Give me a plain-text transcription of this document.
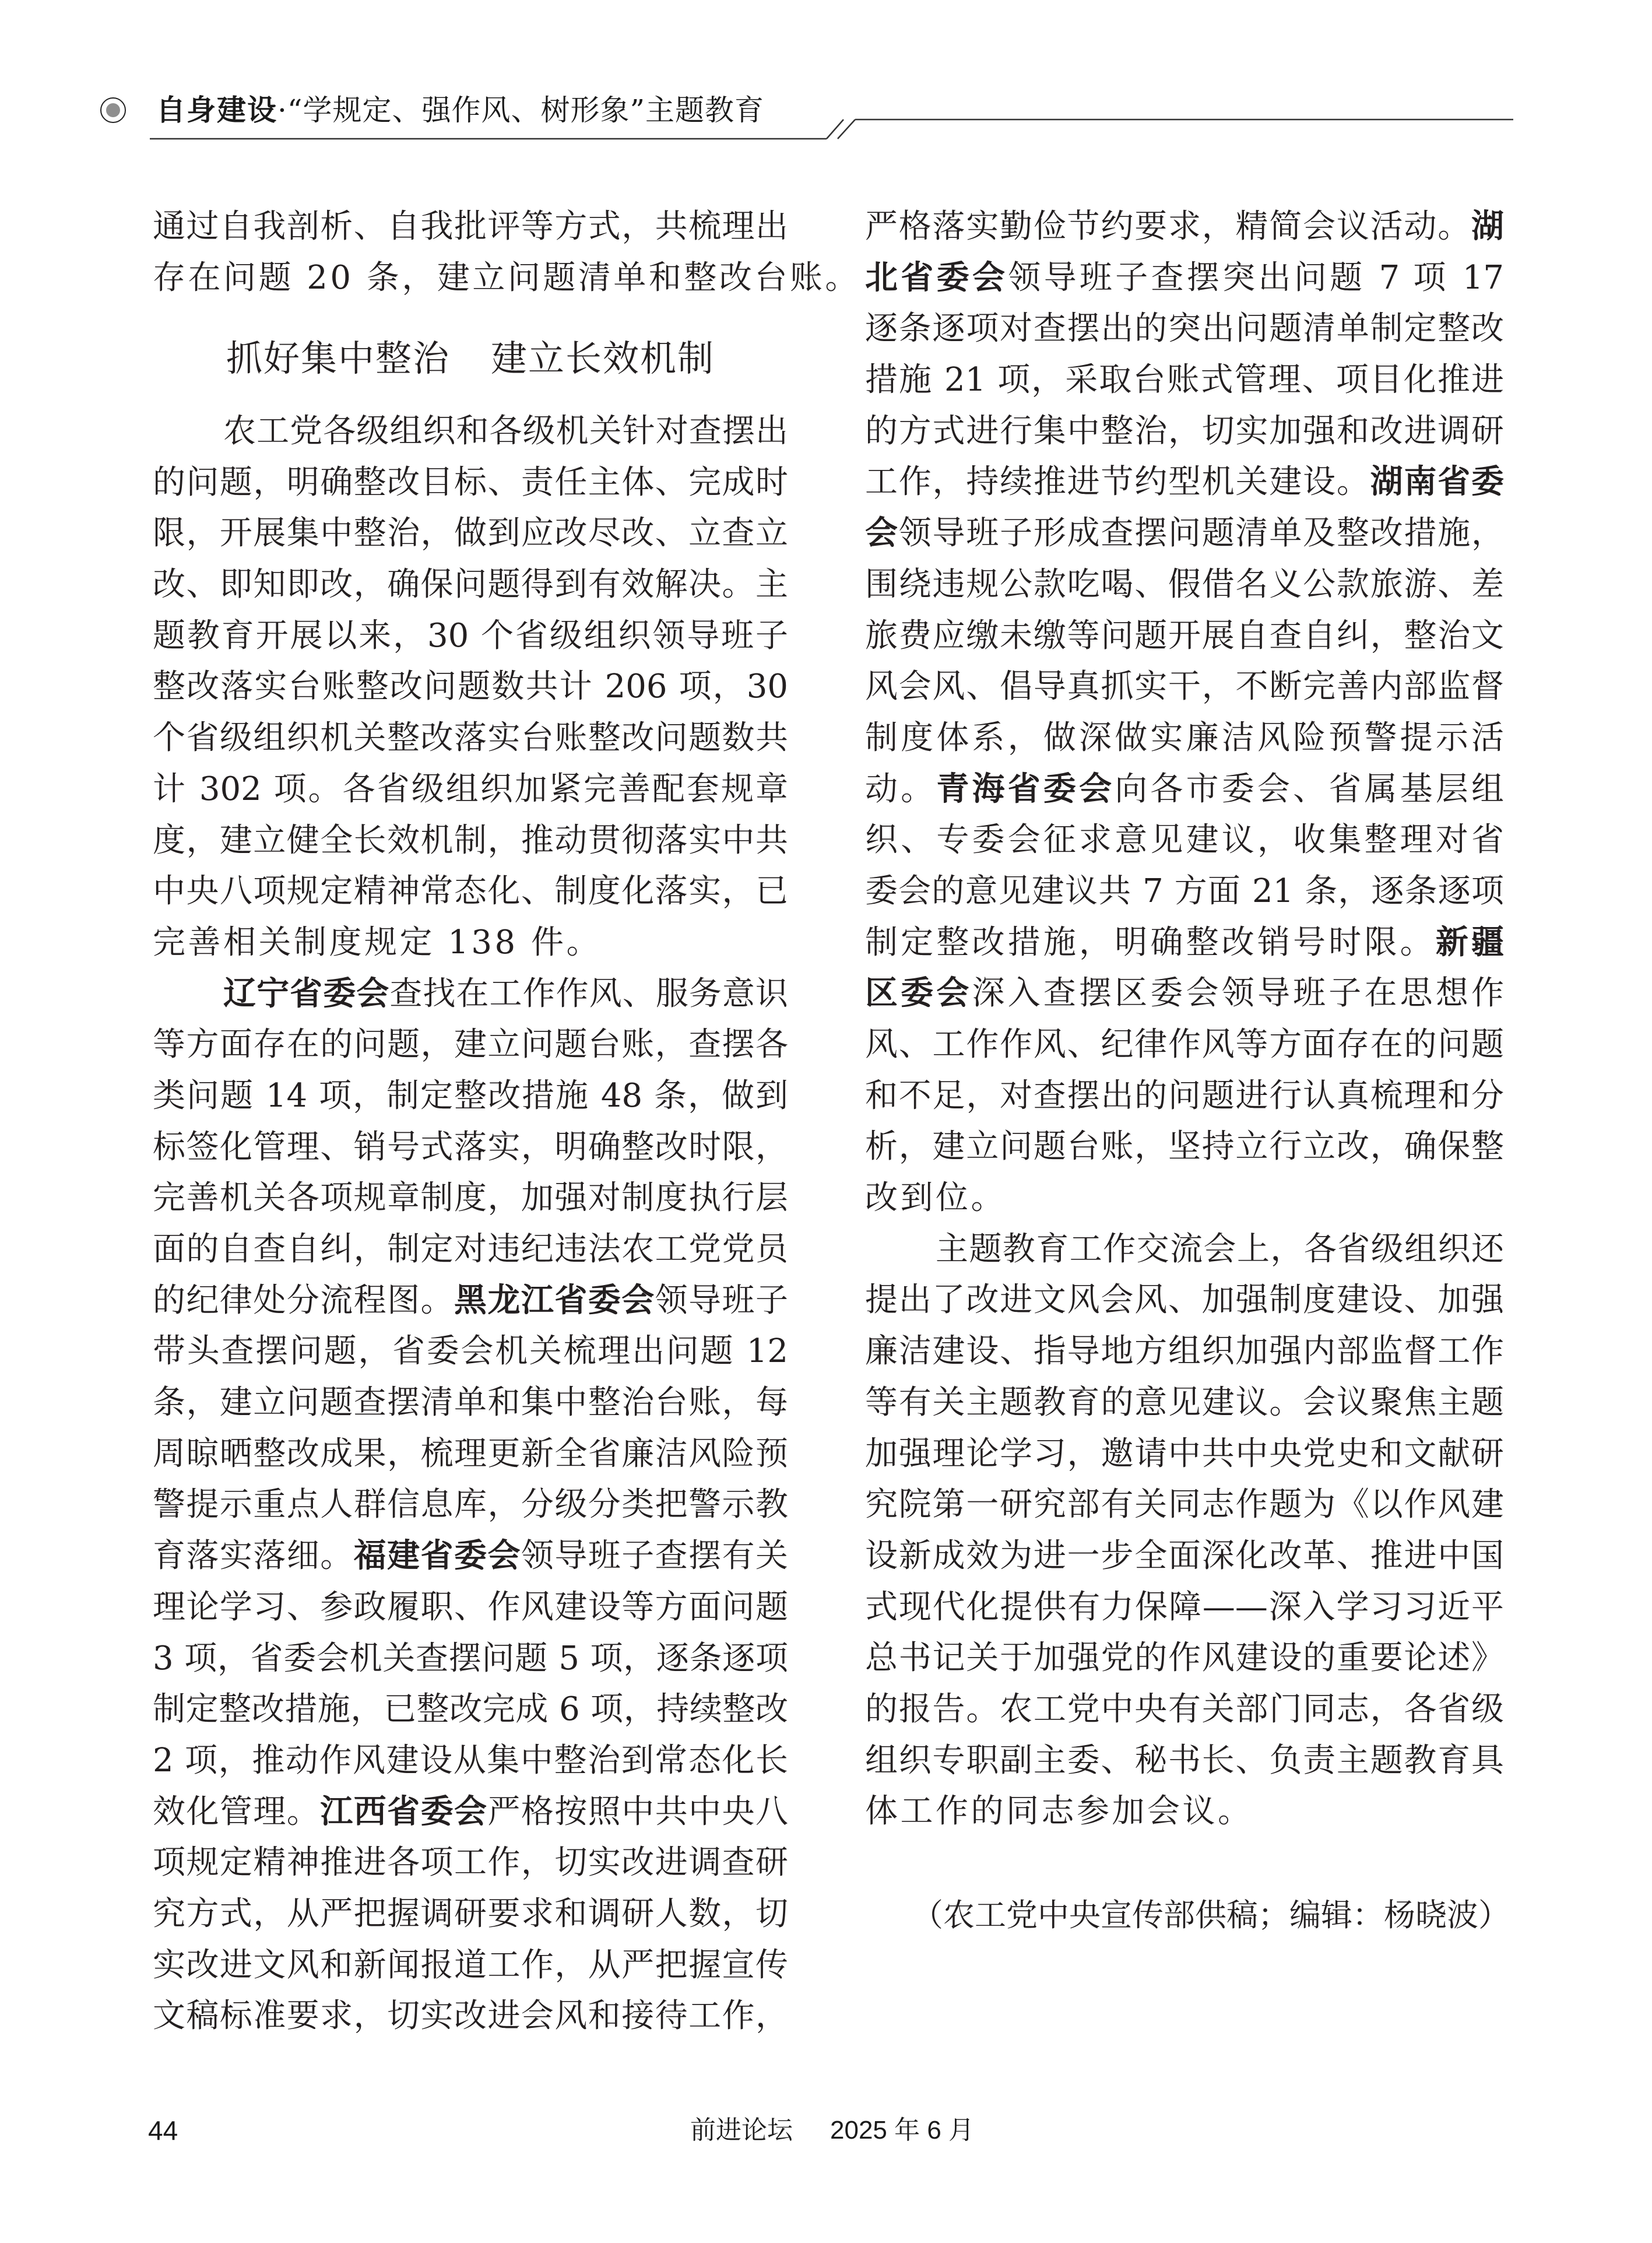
自身建设·“学规定、强作风、树形象”主题教育
通过自我剖析、自我批评等方式，共梳理出
存在问题 20 条，建立问题清单和整改台账。
抓好集中整治 建立长效机制
农工党各级组织和各级机关针对查摆出
的问题，明确整改目标、责任主体、完成时
限，开展集中整治，做到应改尽改、立查立
改、即知即改，确保问题得到有效解决。主
题教育开展以来，30 个省级组织领导班子
整改落实台账整改问题数共计 206 项，30
个省级组织机关整改落实台账整改问题数共
计 302 项。各省级组织加紧完善配套规章
度，建立健全长效机制，推动贯彻落实中共
中央八项规定精神常态化、制度化落实，已
完善相关制度规定 138 件。
辽宁省委会查找在工作作风、服务意识
等方面存在的问题，建立问题台账，查摆各
类问题 14 项，制定整改措施 48 条，做到
标签化管理、销号式落实，明确整改时限，
完善机关各项规章制度，加强对制度执行层
面的自查自纠，制定对违纪违法农工党党员
的纪律处分流程图。黑龙江省委会领导班子
带头查摆问题，省委会机关梳理出问题 12
条，建立问题查摆清单和集中整治台账，每
周晾晒整改成果，梳理更新全省廉洁风险预
警提示重点人群信息库，分级分类把警示教
育落实落细。福建省委会领导班子查摆有关
理论学习、参政履职、作风建设等方面问题
3 项，省委会机关查摆问题 5 项，逐条逐项
制定整改措施，已整改完成 6 项，持续整改
2 项，推动作风建设从集中整治到常态化长
效化管理。江西省委会严格按照中共中央八
项规定精神推进各项工作，切实改进调查研
究方式，从严把握调研要求和调研人数，切
实改进文风和新闻报道工作，从严把握宣传
文稿标准要求，切实改进会风和接待工作，
严格落实勤俭节约要求，精简会议活动。湖
北省委会领导班子查摆突出问题 7 项 17
逐条逐项对查摆出的突出问题清单制定整改
措施 21 项，采取台账式管理、项目化推进
的方式进行集中整治，切实加强和改进调研
工作，持续推进节约型机关建设。湖南省委
会领导班子形成查摆问题清单及整改措施，
围绕违规公款吃喝、假借名义公款旅游、差
旅费应缴未缴等问题开展自查自纠，整治文
风会风、倡导真抓实干，不断完善内部监督
制度体系，做深做实廉洁风险预警提示活
动。青海省委会向各市委会、省属基层组
织、专委会征求意见建议，收集整理对省
委会的意见建议共 7 方面 21 条，逐条逐项
制定整改措施，明确整改销号时限。新疆
区委会深入查摆区委会领导班子在思想作
风、工作作风、纪律作风等方面存在的问题
和不足，对查摆出的问题进行认真梳理和分
析，建立问题台账，坚持立行立改，确保整
改到位。
主题教育工作交流会上，各省级组织还
提出了改进文风会风、加强制度建设、加强
廉洁建设、指导地方组织加强内部监督工作
等有关主题教育的意见建议。会议聚焦主题
加强理论学习，邀请中共中央党史和文献研
究院第一研究部有关同志作题为《以作风建
设新成效为进一步全面深化改革、推进中国
式现代化提供有力保障——深入学习习近平
总书记关于加强党的作风建设的重要论述》
的报告。农工党中央有关部门同志，各省级
组织专职副主委、秘书长、负责主题教育具
体工作的同志参加会议。
（农工党中央宣传部供稿；编辑：杨晓波）
44	前进论坛 2025 年 6 月
